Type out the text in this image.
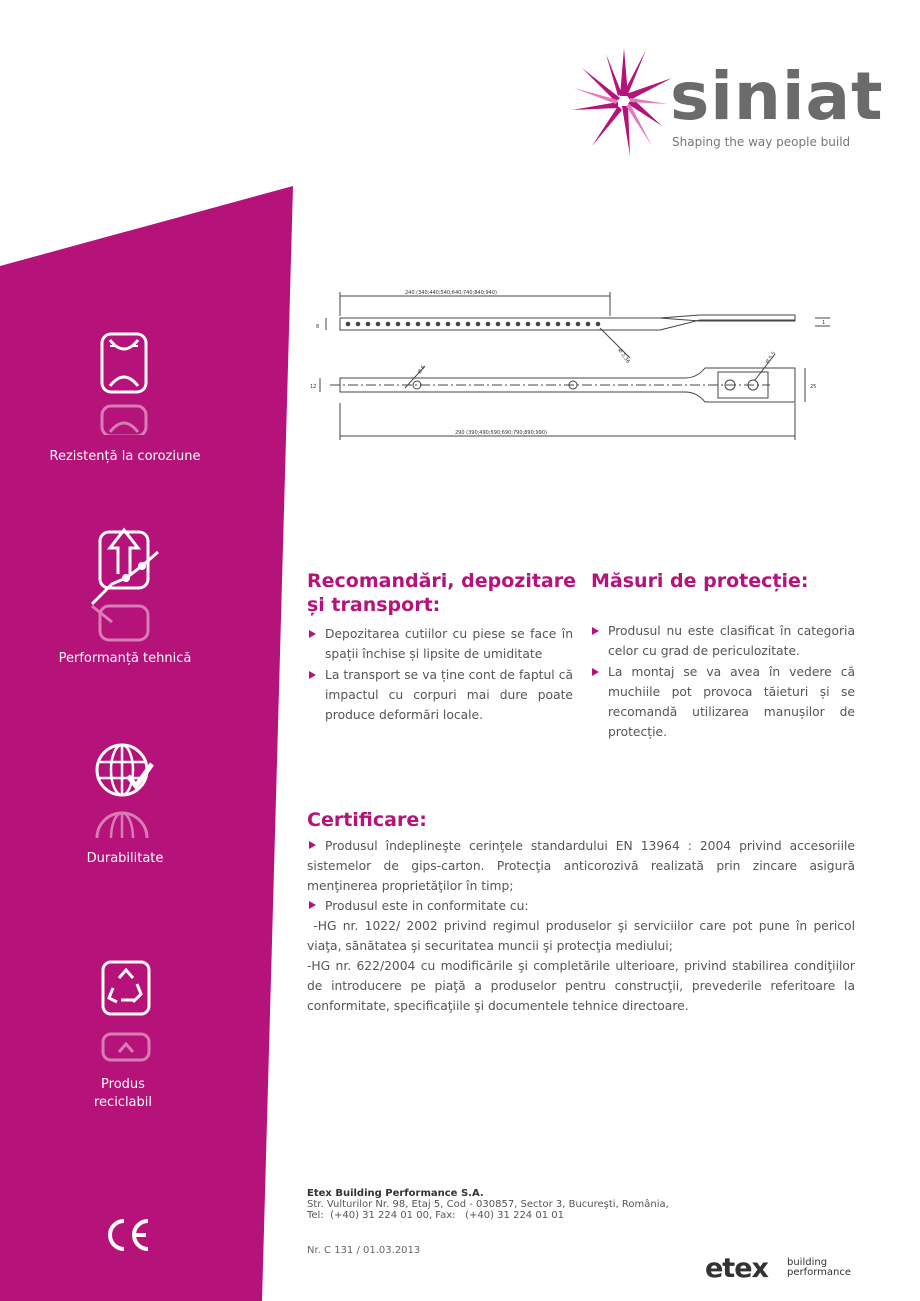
Rezistență la coroziune
Performanță tehnică
Durabilitate
Produs reciclabil
siniat
Shaping the way people build
240 (340;440;540;640;740;840;940)
290 (390;490;590;690;790;890;990)
Ø 2,36	Ø 5,5
Ø 6
1
8
12	25
Recomandări, depozitare
și transport:
Depozitarea cutiilor cu piese se face în spații închise și lipsite de umiditate
La transport se va ține cont de faptul că impactul cu corpuri mai dure poate produce deformări locale.
Măsuri de protecție:
Produsul nu este clasificat în categoria celor cu grad de periculozitate.
La montaj se va avea în vedere că muchiile pot provoca tăieturi și se recomandă utilizarea manușilor de protecție.
Certificare:

Produsul îndeplineşte cerinţele standardului EN 13964 : 2004 privind accesoriile sistemelor de gips-carton. Protecţia anticorozivă realizată prin zincare asigură menţinerea proprietăţilor în timp;

Produsul este in conformitate cu:

-HG nr. 1022/ 2002 privind regimul produselor şi serviciilor care pot pune în pericol viaţa, sănătatea şi securitatea muncii şi protecţia mediului;

-HG nr. 622/2004 cu modificările şi completările ulterioare, privind stabilirea condiţiilor de introducere pe piaţă a produselor pentru construcţii, prevederile referitoare la conformitate, specificaţiile şi documentele tehnice directoare.

Etex Building Performance S.A.
Str. Vulturilor Nr. 98, Etaj 5, Cod - 030857, Sector 3, Bucureşti, România,
Tel:  (+40) 31 224 01 00, Fax:   (+40) 31 224 01 01
Nr. C 131 / 01.03.2013
etex building
performance
